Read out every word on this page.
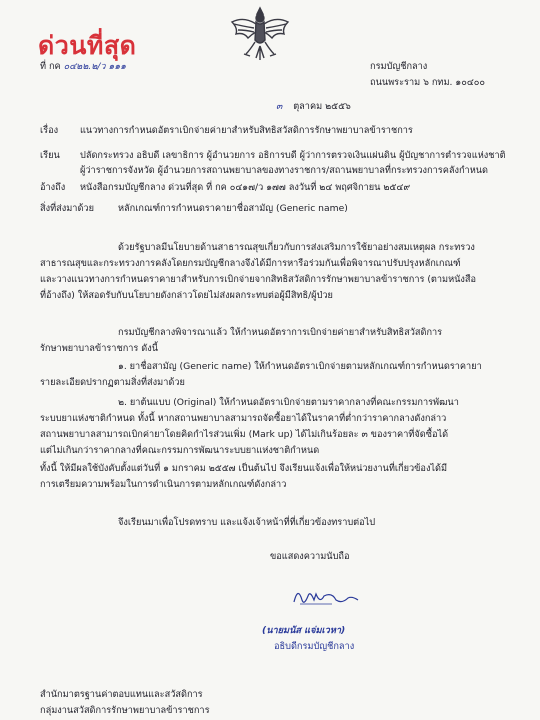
ด่วนที่สุด
ที่ กค ๐๔๒๒.๒/ว ๑๑๑	กรมบัญชีกลาง
ถนนพระราม ๖ กทม. ๑๐๔๐๐
๓ ตุลาคม ๒๕๕๖
เรื่อง แนวทางการกำหนดอัตราเบิกจ่ายค่ายาสำหรับสิทธิสวัสดิการรักษาพยาบาลข้าราชการ
เรียน ปลัดกระทรวง อธิบดี เลขาธิการ ผู้อำนวยการ อธิการบดี ผู้ว่าการตรวจเงินแผ่นดิน ผู้บัญชาการตำรวจแห่งชาติ
ผู้ว่าราชการจังหวัด ผู้อำนวยการสถานพยาบาลของทางราชการ/สถานพยาบาลที่กระทรวงการคลังกำหนด
อ้างถึง หนังสือกรมบัญชีกลาง ด่วนที่สุด ที่ กค ๐๔๑๗/ว ๑๗๗ ลงวันที่ ๒๔ พฤศจิกายน ๒๕๔๙
สิ่งที่ส่งมาด้วย	หลักเกณฑ์การกำหนดราคายาชื่อสามัญ (Generic name)
ด้วยรัฐบาลมีนโยบายด้านสาธารณสุขเกี่ยวกับการส่งเสริมการใช้ยาอย่างสมเหตุผล กระทรวง
สาธารณสุขและกระทรวงการคลังโดยกรมบัญชีกลางจึงได้มีการหารือร่วมกันเพื่อพิจารณาปรับปรุงหลักเกณฑ์
และวางแนวทางการกำหนดราคายาสำหรับการเบิกจ่ายจากสิทธิสวัสดิการรักษาพยาบาลข้าราชการ (ตามหนังสือ
ที่อ้างถึง) ให้สอดรับกับนโยบายดังกล่าวโดยไม่ส่งผลกระทบต่อผู้มีสิทธิ/ผู้ป่วย
กรมบัญชีกลางพิจารณาแล้ว ให้กำหนดอัตราการเบิกจ่ายค่ายาสำหรับสิทธิสวัสดิการ
รักษาพยาบาลข้าราชการ ดังนี้
๑. ยาชื่อสามัญ (Generic name) ให้กำหนดอัตราเบิกจ่ายตามหลักเกณฑ์การกำหนดราคายา
รายละเอียดปรากฏตามสิ่งที่ส่งมาด้วย
๒. ยาต้นแบบ (Original) ให้กำหนดอัตราเบิกจ่ายตามราคากลางที่คณะกรรมการพัฒนา
ระบบยาแห่งชาติกำหนด ทั้งนี้ หากสถานพยาบาลสามารถจัดซื้อยาได้ในราคาที่ต่ำกว่าราคากลางดังกล่าว
สถานพยาบาลสามารถเบิกค่ายาโดยคิดกำไรส่วนเพิ่ม (Mark up) ได้ไม่เกินร้อยละ ๓ ของราคาที่จัดซื้อได้
แต่ไม่เกินกว่าราคากลางที่คณะกรรมการพัฒนาระบบยาแห่งชาติกำหนด
ทั้งนี้ ให้มีผลใช้บังคับตั้งแต่วันที่ ๑ มกราคม ๒๕๕๗ เป็นต้นไป จึงเรียนแจ้งเพื่อให้หน่วยงานที่เกี่ยวข้องได้มี
การเตรียมความพร้อมในการดำเนินการตามหลักเกณฑ์ดังกล่าว
จึงเรียนมาเพื่อโปรดทราบ และแจ้งเจ้าหน้าที่ที่เกี่ยวข้องทราบต่อไป
ขอแสดงความนับถือ
(นายมนัส แจ่มเวหา)
อธิบดีกรมบัญชีกลาง
สำนักมาตรฐานค่าตอบแทนและสวัสดิการ
กลุ่มงานสวัสดิการรักษาพยาบาลข้าราชการ
